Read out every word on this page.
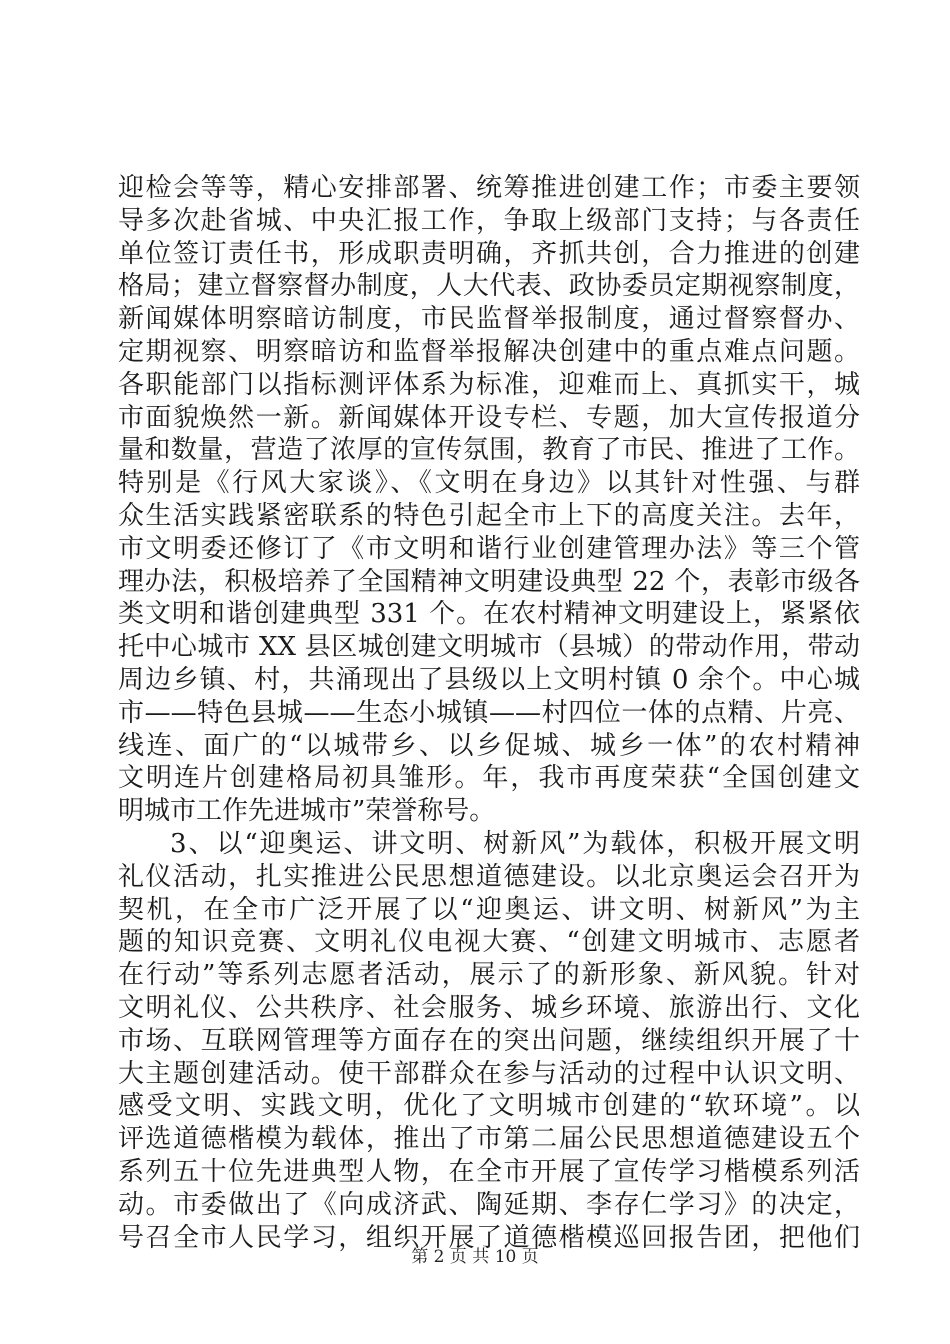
迎检会等等，精心安排部署、统筹推进创建工作；市委主要领
导多次赴省城、中央汇报工作，争取上级部门支持；与各责任
单位签订责任书，形成职责明确，齐抓共创，合力推进的创建
格局；建立督察督办制度，人大代表、政协委员定期视察制度，
新闻媒体明察暗访制度，市民监督举报制度，通过督察督办、
定期视察、明察暗访和监督举报解决创建中的重点难点问题。
各职能部门以指标测评体系为标准，迎难而上、真抓实干，城
市面貌焕然一新。新闻媒体开设专栏、专题，加大宣传报道分
量和数量，营造了浓厚的宣传氛围，教育了市民、推进了工作。
特别是《行风大家谈》、《文明在身边》以其针对性强、与群
众生活实践紧密联系的特色引起全市上下的高度关注。去年，
市文明委还修订了《市文明和谐行业创建管理办法》等三个管
理办法，积极培养了全国精神文明建设典型 22 个，表彰市级各
类文明和谐创建典型 331 个。在农村精神文明建设上，紧紧依
托中心城市 XX 县区城创建文明城市（县城）的带动作用，带动
周边乡镇、村，共涌现出了县级以上文明村镇 0 余个。中心城
市——特色县城——生态小城镇——村四位一体的点精、片亮、
线连、面广的“以城带乡、以乡促城、城乡一体”的农村精神
文明连片创建格局初具雏形。年，我市再度荣获“全国创建文
明城市工作先进城市”荣誉称号。
3、以“迎奥运、讲文明、树新风”为载体，积极开展文明
礼仪活动，扎实推进公民思想道德建设。以北京奥运会召开为
契机，在全市广泛开展了以“迎奥运、讲文明、树新风”为主
题的知识竞赛、文明礼仪电视大赛、“创建文明城市、志愿者
在行动”等系列志愿者活动，展示了的新形象、新风貌。针对
文明礼仪、公共秩序、社会服务、城乡环境、旅游出行、文化
市场、互联网管理等方面存在的突出问题，继续组织开展了十
大主题创建活动。使干部群众在参与活动的过程中认识文明、
感受文明、实践文明，优化了文明城市创建的“软环境”。以
评选道德楷模为载体，推出了市第二届公民思想道德建设五个
系列五十位先进典型人物，在全市开展了宣传学习楷模系列活
动。市委做出了《向成济武、陶延期、李存仁学习》的决定，
号召全市人民学习，组织开展了道德楷模巡回报告团，把他们
第 2 页 共 10 页
